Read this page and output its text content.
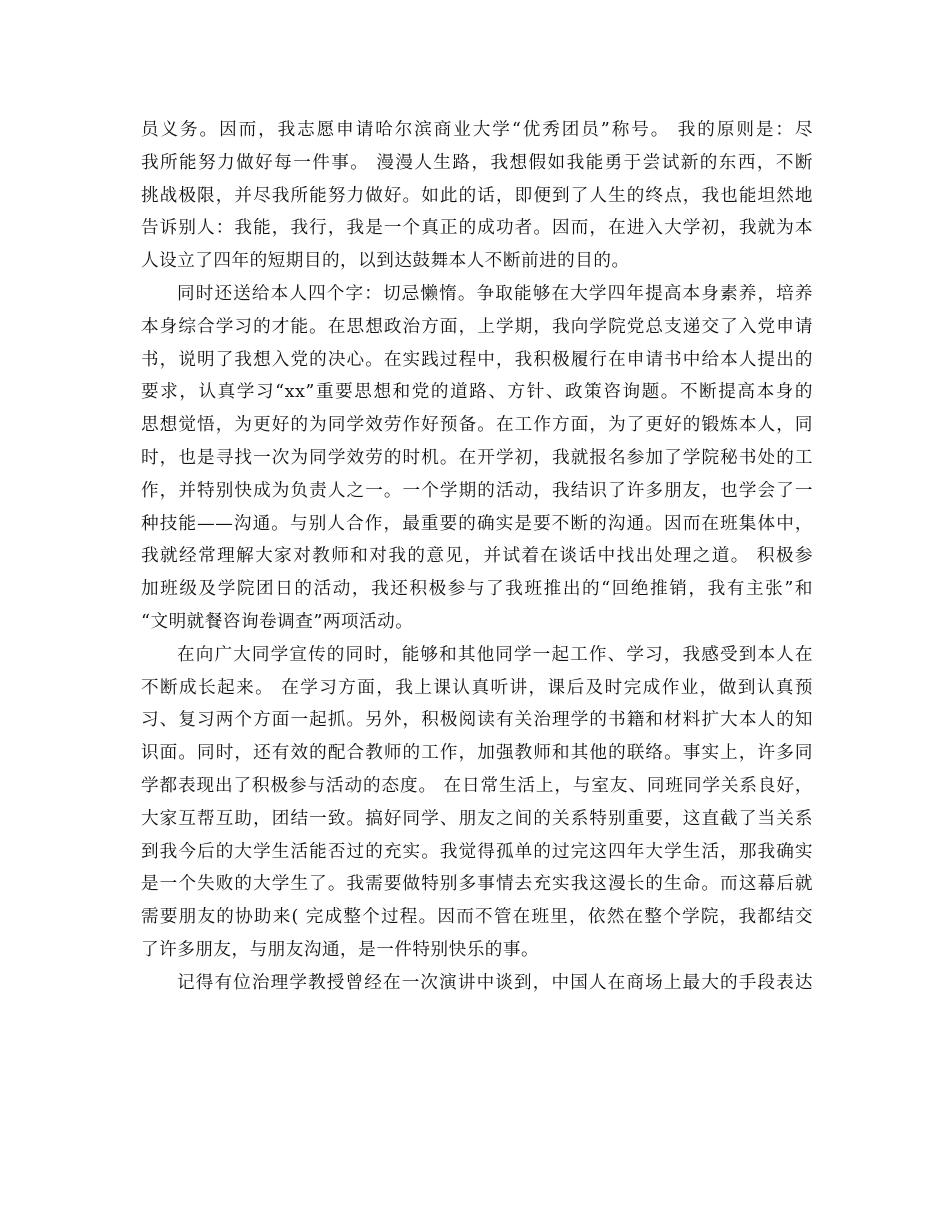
员义务。因而，我志愿申请哈尔滨商业大学“优秀团员”称号。 我的原则是：尽
我所能努力做好每一件事。 漫漫人生路，我想假如我能勇于尝试新的东西，不断
挑战极限，并尽我所能努力做好。如此的话，即便到了人生的终点，我也能坦然地
告诉别人：我能，我行，我是一个真正的成功者。因而，在进入大学初，我就为本
人设立了四年的短期目的，以到达鼓舞本人不断前进的目的。
同时还送给本人四个字：切忌懒惰。争取能够在大学四年提高本身素养，培养
本身综合学习的才能。在思想政治方面，上学期，我向学院党总支递交了入党申请
书，说明了我想入党的决心。在实践过程中，我积极履行在申请书中给本人提出的
要求，认真学习“xx”重要思想和党的道路、方针、政策咨询题。不断提高本身的
思想觉悟，为更好的为同学效劳作好预备。在工作方面，为了更好的锻炼本人，同
时，也是寻找一次为同学效劳的时机。在开学初，我就报名参加了学院秘书处的工
作，并特别快成为负责人之一。一个学期的活动，我结识了许多朋友，也学会了一
种技能——沟通。与别人合作，最重要的确实是要不断的沟通。因而在班集体中，
我就经常理解大家对教师和对我的意见，并试着在谈话中找出处理之道。 积极参
加班级及学院团日的活动，我还积极参与了我班推出的“回绝推销，我有主张”和
“文明就餐咨询卷调查”两项活动。
在向广大同学宣传的同时，能够和其他同学一起工作、学习，我感受到本人在
不断成长起来。 在学习方面，我上课认真听讲，课后及时完成作业，做到认真预
习、复习两个方面一起抓。另外，积极阅读有关治理学的书籍和材料扩大本人的知
识面。同时，还有效的配合教师的工作，加强教师和其他的联络。事实上，许多同
学都表现出了积极参与活动的态度。 在日常生活上，与室友、同班同学关系良好，
大家互帮互助，团结一致。搞好同学、朋友之间的关系特别重要，这直截了当关系
到我今后的大学生活能否过的充实。我觉得孤单的过完这四年大学生活，那我确实
是一个失败的大学生了。我需要做特别多事情去充实我这漫长的生命。而这幕后就
需要朋友的协助来( 完成整个过程。因而不管在班里，依然在整个学院，我都结交
了许多朋友，与朋友沟通，是一件特别快乐的事。
记得有位治理学教授曾经在一次演讲中谈到，中国人在商场上最大的手段表达
